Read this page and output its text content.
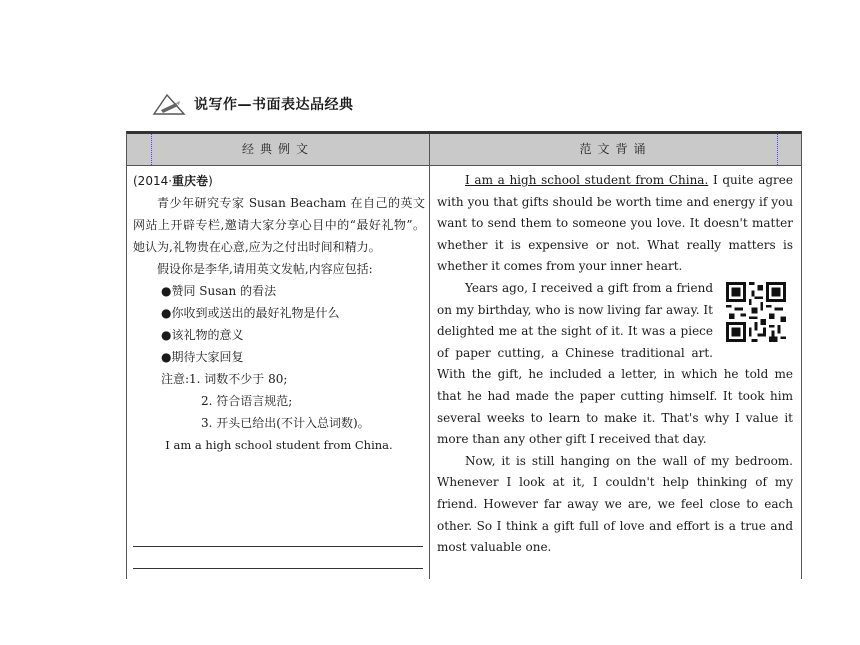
说写作—书面表达品经典
经典例文	范文背诵

(2014·重庆卷)

青少年研究专家 Susan Beacham 在自己的英文网站上开辟专栏,邀请大家分享心目中的“最好礼物”。她认为,礼物贵在心意,应为之付出时间和精力。

假设你是李华,请用英文发帖,内容应包括:

●赞同 Susan 的看法

●你收到或送出的最好礼物是什么

●该礼物的意义

●期待大家回复

注意:1. 词数不少于 80;

2. 符合语言规范;

3. 开头已给出(不计入总词数)。

I am a high school student from China.

I am a high school student from China. I quite agree with you that gifts should be worth time and energy if you want to send them to someone you love. It doesn't matter whether it is expensive or not. What really matters is whether it comes from your inner heart.

Years ago, I received a gift from a friend on my birthday, who is now living far away. It delighted me at the sight of it. It was a piece of paper cutting, a Chinese traditional art. With the gift, he included a letter, in which he told me that he had made the paper cutting himself. It took him several weeks to learn to make it. That's why I value it more than any other gift I received that day.

Now, it is still hanging on the wall of my bedroom. Whenever I look at it, I couldn't help thinking of my friend. However far away we are, we feel close to each other. So I think a gift full of love and effort is a true and most valuable one.
